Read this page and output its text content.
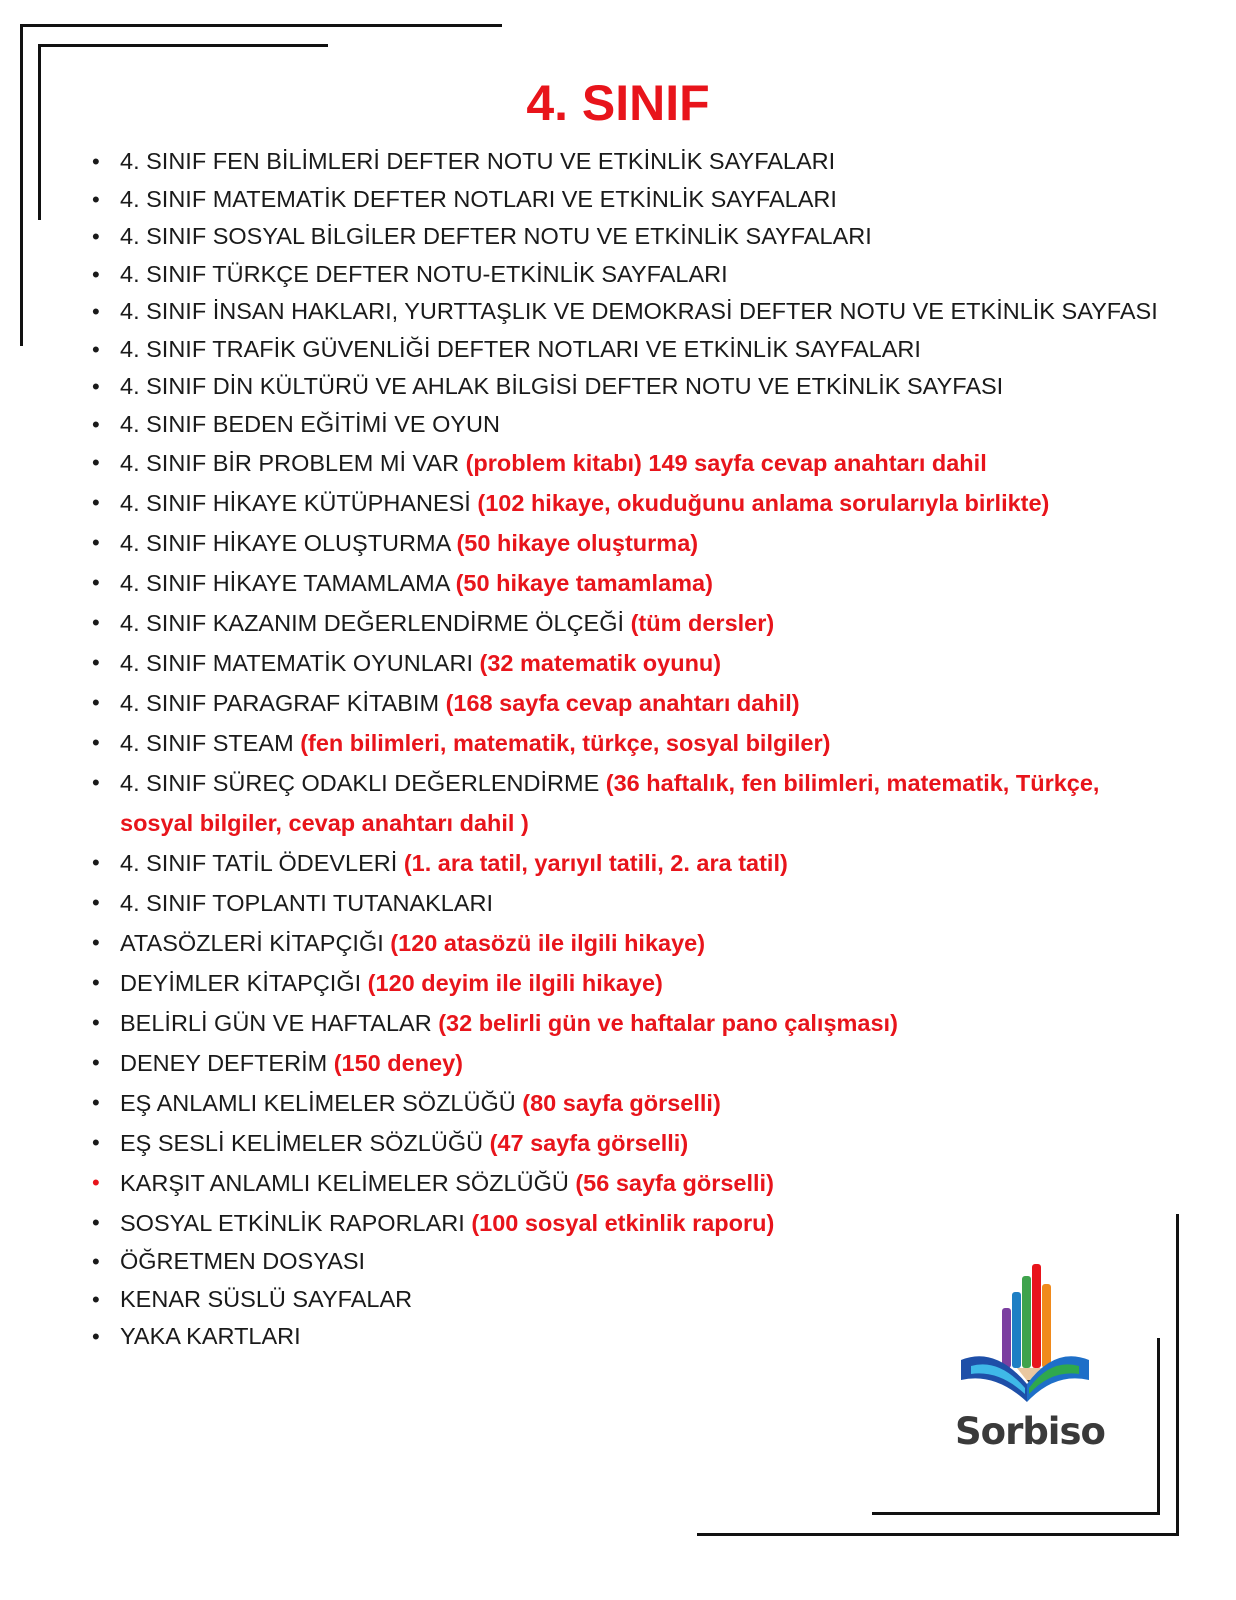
4. SINIF
• 4. SINIF FEN BİLİMLERİ DEFTER NOTU VE ETKİNLİK SAYFALARI
• 4. SINIF MATEMATİK DEFTER NOTLARI VE ETKİNLİK SAYFALARI
• 4. SINIF SOSYAL BİLGİLER DEFTER NOTU VE ETKİNLİK SAYFALARI
• 4. SINIF TÜRKÇE DEFTER NOTU-ETKİNLİK SAYFALARI
• 4. SINIF İNSAN HAKLARI, YURTTAŞLIK VE DEMOKRASİ DEFTER NOTU VE ETKİNLİK SAYFASI
• 4. SINIF TRAFİK GÜVENLİĞİ DEFTER NOTLARI VE ETKİNLİK SAYFALARI
• 4. SINIF DİN KÜLTÜRÜ VE AHLAK BİLGİSİ DEFTER NOTU VE ETKİNLİK SAYFASI
• 4. SINIF BEDEN EĞİTİMİ VE OYUN
• 4. SINIF BİR PROBLEM Mİ VAR (problem kitabı) 149 sayfa cevap anahtarı dahil
• 4. SINIF HİKAYE KÜTÜPHANESİ (102 hikaye, okuduğunu anlama sorularıyla birlikte)
• 4. SINIF HİKAYE OLUŞTURMA (50 hikaye oluşturma)
• 4. SINIF HİKAYE TAMAMLAMA (50 hikaye tamamlama)
• 4. SINIF KAZANIM DEĞERLENDİRME ÖLÇEĞİ (tüm dersler)
• 4. SINIF MATEMATİK OYUNLARI (32 matematik oyunu)
• 4. SINIF PARAGRAF KİTABIM (168 sayfa cevap anahtarı dahil)
• 4. SINIF STEAM (fen bilimleri, matematik, türkçe, sosyal bilgiler)
• 4. SINIF SÜREÇ ODAKLI DEĞERLENDİRME (36 haftalık, fen bilimleri, matematik, Türkçe, sosyal bilgiler, cevap anahtarı dahil )
• 4. SINIF TATİL ÖDEVLERİ (1. ara tatil, yarıyıl tatili, 2. ara tatil)
• 4. SINIF TOPLANTI TUTANAKLARI
• ATASÖZLERİ KİTAPÇIĞI (120 atasözü ile ilgili hikaye)
• DEYİMLER KİTAPÇIĞI (120 deyim ile ilgili hikaye)
• BELİRLİ GÜN VE HAFTALAR (32 belirli gün ve haftalar pano çalışması)
• DENEY DEFTERİM (150 deney)
• EŞ ANLAMLI KELİMELER SÖZLÜĞÜ (80 sayfa görselli)
• EŞ SESLİ KELİMELER SÖZLÜĞÜ (47 sayfa görselli)
• KARŞIT ANLAMLI KELİMELER SÖZLÜĞÜ (56 sayfa görselli)
• SOSYAL ETKİNLİK RAPORLARI (100 sosyal etkinlik raporu)
• ÖĞRETMEN DOSYASI
• KENAR SÜSLÜ SAYFALAR
• YAKA KARTLARI
Sorbiso
